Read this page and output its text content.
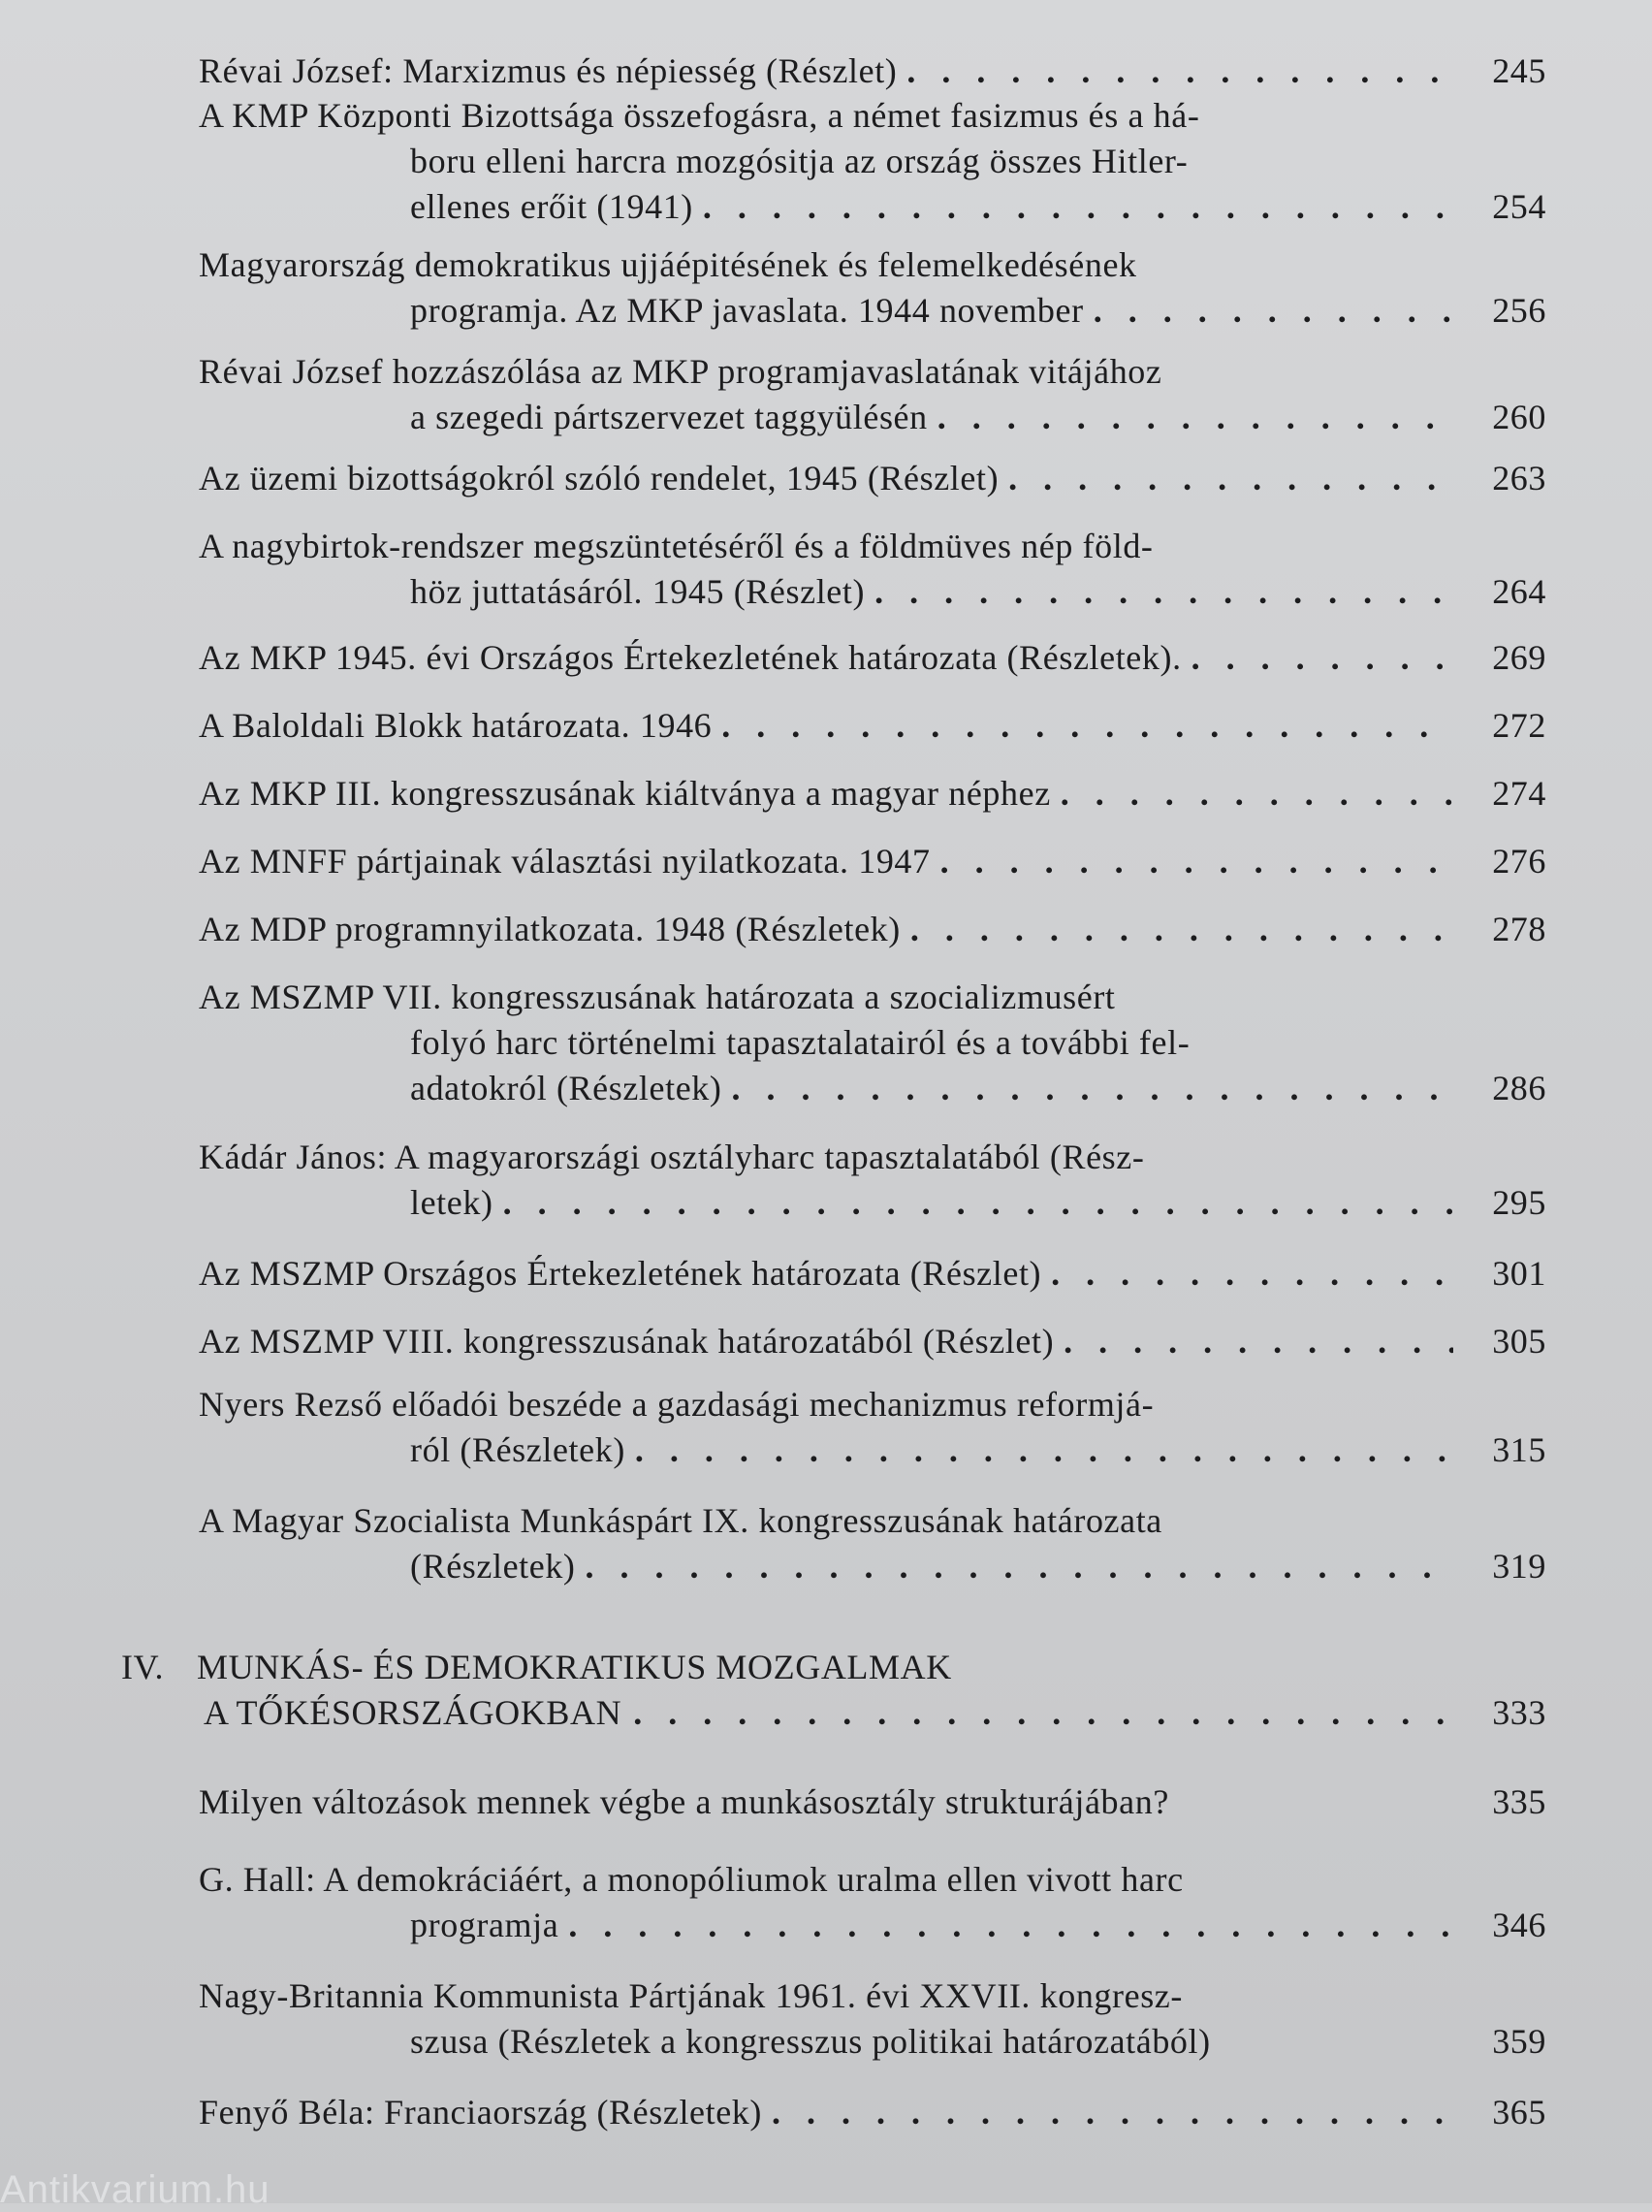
Révai József: Marxizmus és népiesség (Részlet) . . .	245
A KMP Központi Bizottsága összefogásra, a német fasizmus és a há-
boru elleni harcra mozgósitja az ország összes Hitler-
ellenes erőit (1941) . . .	254
Magyarország demokratikus ujjáépitésének és felemelkedésének
programja. Az MKP javaslata. 1944 november . . .	256
Révai József hozzászólása az MKP programjavaslatának vitájához
a szegedi pártszervezet taggyülésén . . .	260
Az üzemi bizottságokról szóló rendelet, 1945 (Részlet) . . .	263
A nagybirtok-rendszer megszüntetéséről és a földmüves nép föld-
höz juttatásáról. 1945 (Részlet) . . .	264
Az MKP 1945. évi Országos Értekezletének határozata (Részletek). . . .	269
A Baloldali Blokk határozata. 1946 . . .	272
Az MKP III. kongresszusának kiáltványa a magyar néphez . . .	274
Az MNFF pártjainak választási nyilatkozata. 1947 . . .	276
Az MDP programnyilatkozata. 1948 (Részletek) . . .	278
Az MSZMP VII. kongresszusának határozata a szocializmusért
folyó harc történelmi tapasztalatairól és a további fel-
adatokról (Részletek) . . .	286
Kádár János: A magyarországi osztályharc tapasztalatából (Rész-
letek) . . .	295
Az MSZMP Országos Értekezletének határozata (Részlet) . . .	301
Az MSZMP VIII. kongresszusának határozatából (Részlet) . . .	305
Nyers Rezső előadói beszéde a gazdasági mechanizmus reformjá-
ról (Részletek) . . .	315
A Magyar Szocialista Munkáspárt IX. kongresszusának határozata
(Részletek) . . .	319
IV. MUNKÁS- ÉS DEMOKRATIKUS MOZGALMAK
A TŐKÉSORSZÁGOKBAN . . .	333
Milyen változások mennek végbe a munkásosztály strukturájában?	335
G. Hall: A demokráciáért, a monopóliumok uralma ellen vivott harc
programja . . .	346
Nagy-Britannia Kommunista Pártjának 1961. évi XXVII. kongresz-
szusa (Részletek a kongresszus politikai határozatából)	359
Fenyő Béla: Franciaország (Részletek) . . .	365
Antikvarium.hu
